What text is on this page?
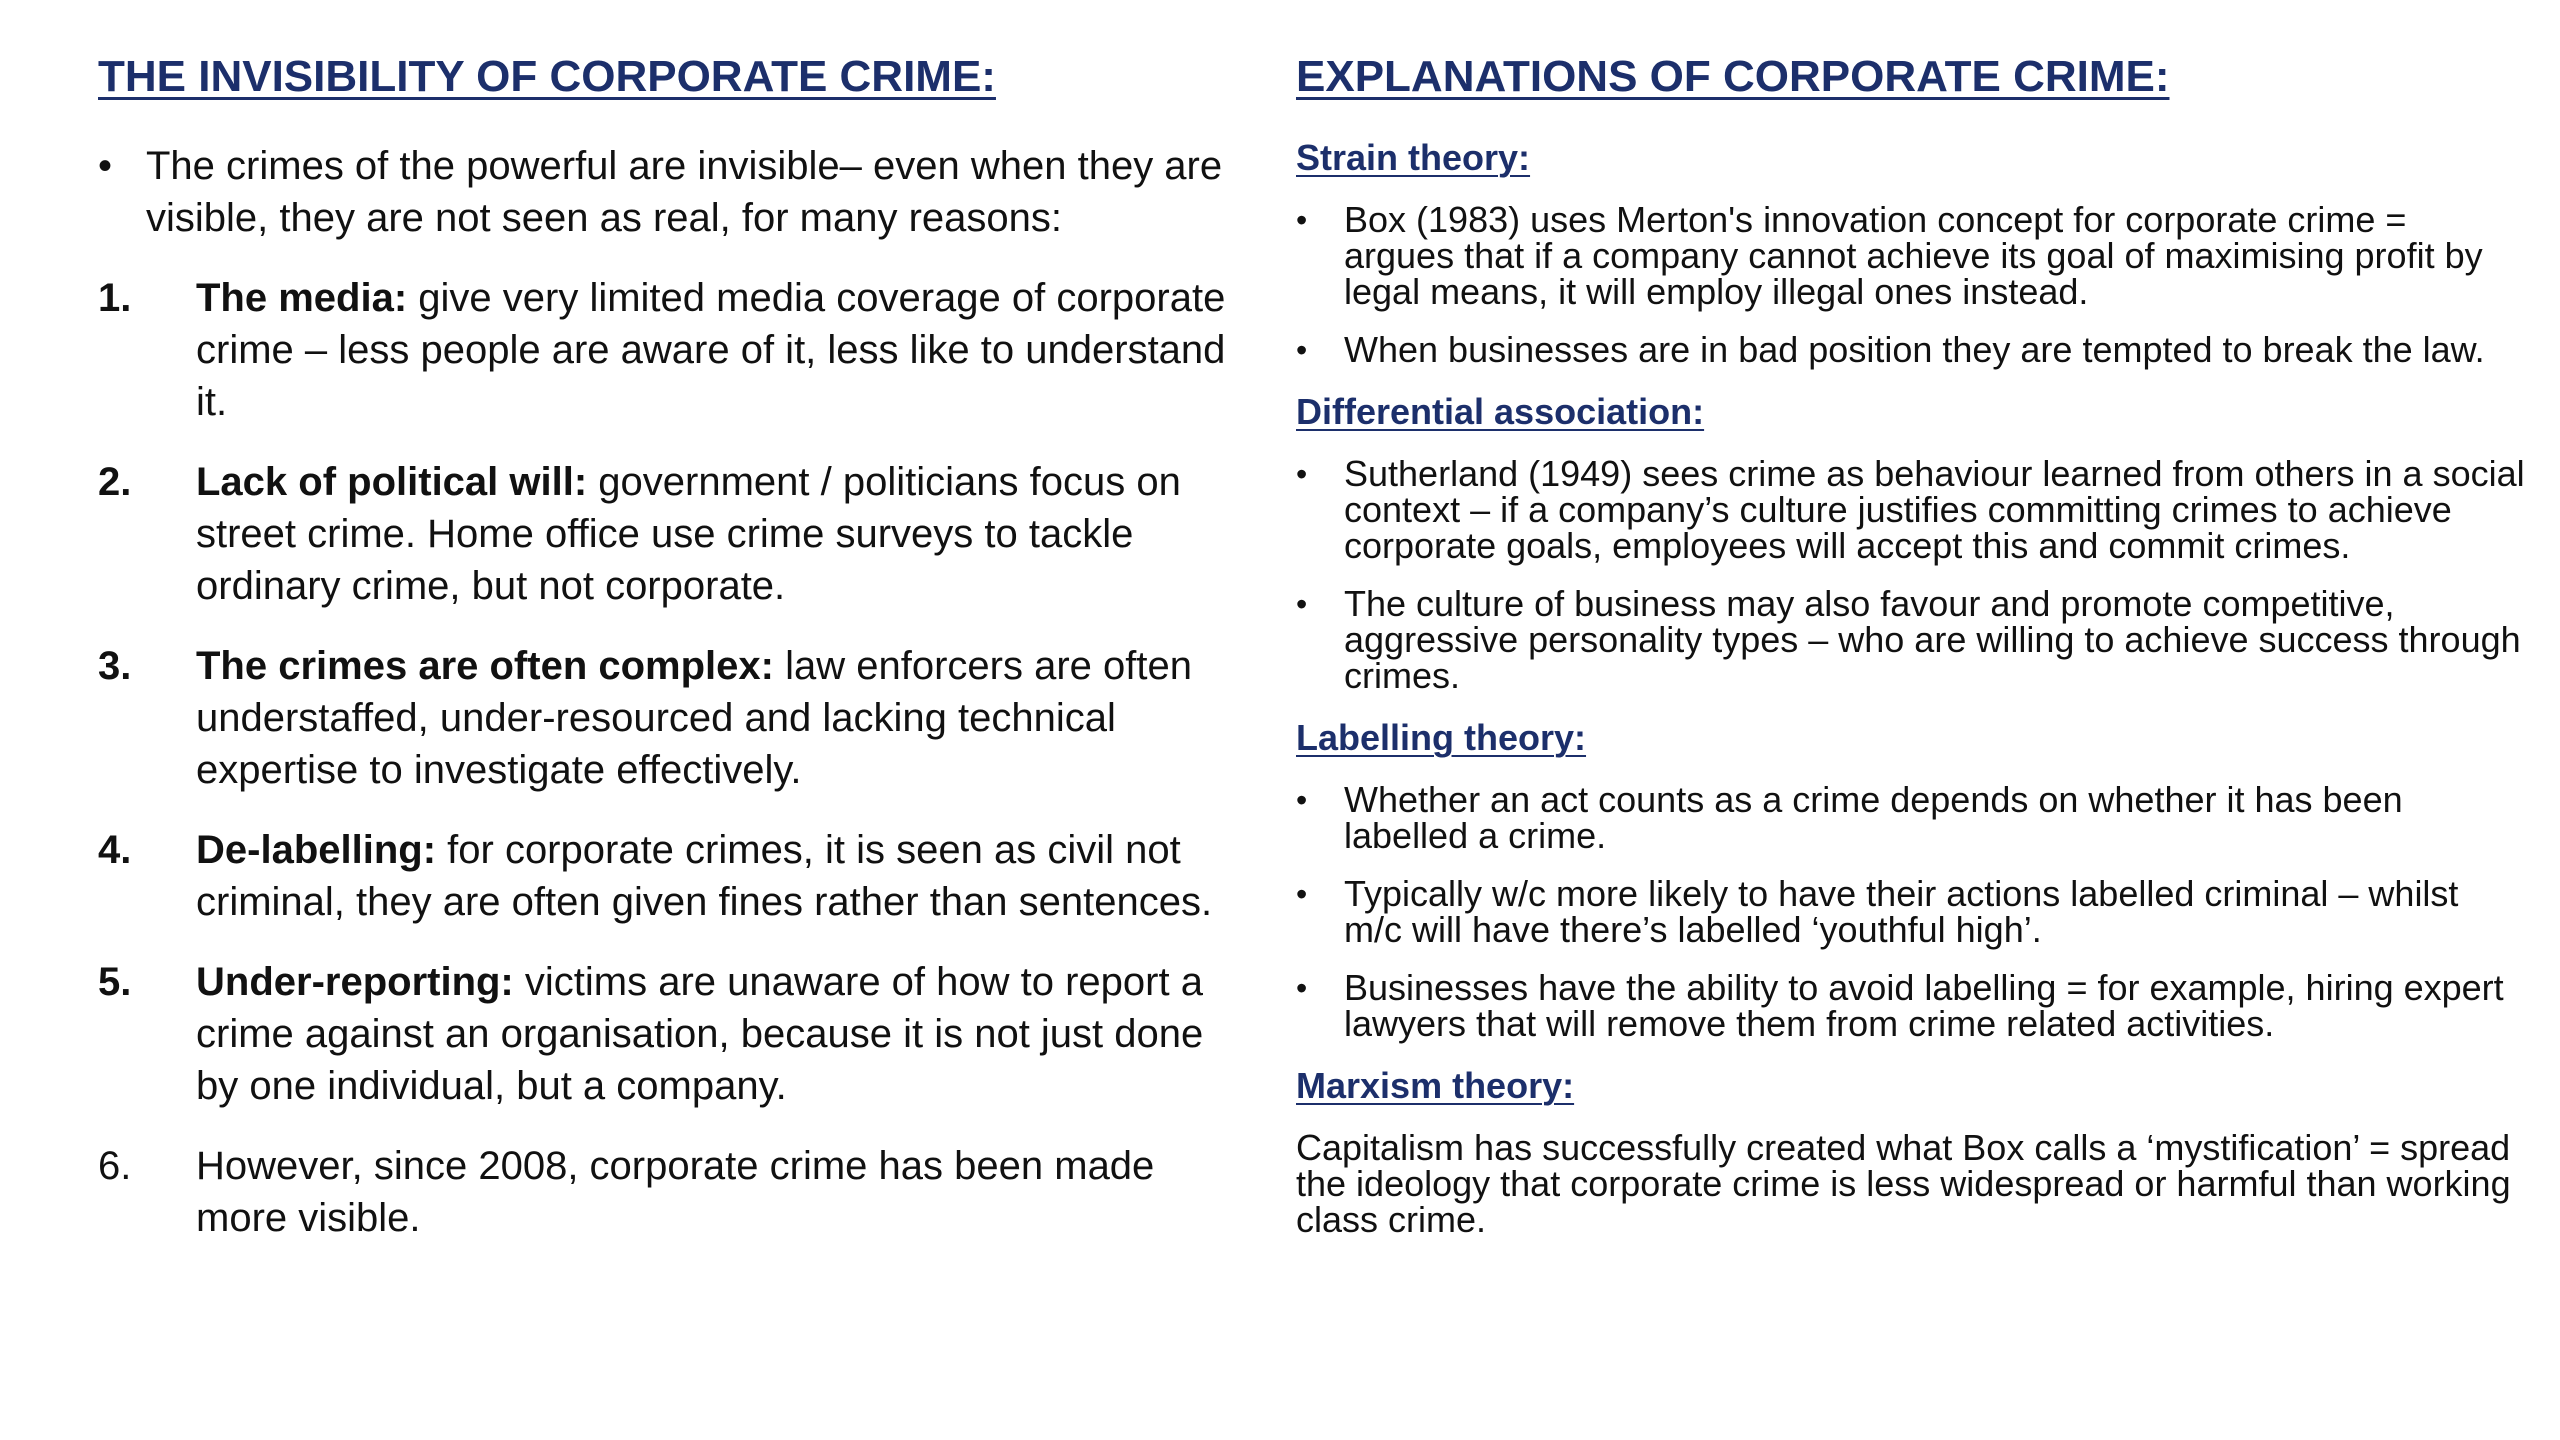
THE INVISIBILITY OF CORPORATE CRIME:
• The crimes of the powerful are invisible– even when they are visible, they are not seen as real, for many reasons:
1.	The media: give very limited media coverage of corporate crime – less people are aware of it, less like to understand it.
2.	Lack of political will: government / politicians focus on street crime. Home office use crime surveys to tackle ordinary crime, but not corporate.
3.	The crimes are often complex: law enforcers are often understaffed, under-resourced and lacking technical expertise to investigate effectively.
4.	De-labelling: for corporate crimes, it is seen as civil not criminal, they are often given fines rather than sentences.
5.	Under-reporting: victims are unaware of how to report a crime against an organisation, because it is not just done by one individual, but a company.
6.	However, since 2008, corporate crime has been made more visible.
EXPLANATIONS OF CORPORATE CRIME:
Strain theory:
•	Box (1983) uses Merton's innovation concept for corporate crime = argues that if a company cannot achieve its goal of maximising profit by legal means, it will employ illegal ones instead.
•	When businesses are in bad position they are tempted to break the law.
Differential association:
•	Sutherland (1949) sees crime as behaviour learned from others in a social context – if a company’s culture justifies committing crimes to achieve corporate goals, employees will accept this and commit crimes.
•	The culture of business may also favour and promote competitive, aggressive personality types – who are willing to achieve success through crimes.
Labelling theory:
•	Whether an act counts as a crime depends on whether it has been labelled a crime.
•	Typically w/c more likely to have their actions labelled criminal – whilst m/c will have there’s labelled ‘youthful high’.
•	Businesses have the ability to avoid labelling = for example, hiring expert lawyers that will remove them from crime related activities.
Marxism theory:

Capitalism has successfully created what Box calls a ‘mystification’ = spread the ideology that corporate crime is less widespread or harmful than working class crime.
